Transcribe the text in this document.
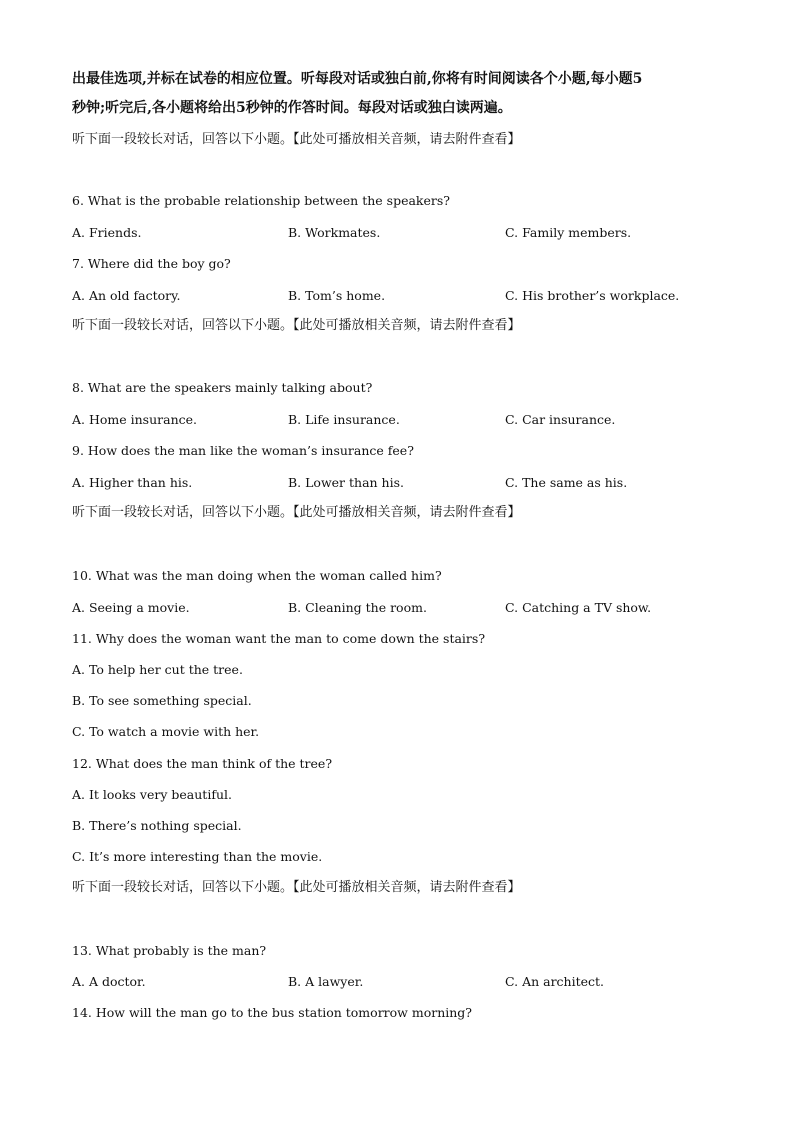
出最佳选项,并标在试卷的相应位置。听每段对话或独白前,你将有时间阅读各个小题,每小题5
秒钟;听完后,各小题将给出5秒钟的作答时间。每段对话或独白读两遍。
听下面一段较长对话，回答以下小题。【此处可播放相关音频，请去附件查看】
6. What is the probable relationship between the speakers?
A. Friends.	B. Workmates.	C. Family members.
7. Where did the boy go?
A. An old factory.	B. Tom’s home.	C. His brother’s workplace.
听下面一段较长对话，回答以下小题。【此处可播放相关音频，请去附件查看】
8. What are the speakers mainly talking about?
A. Home insurance.	B. Life insurance.	C. Car insurance.
9. How does the man like the woman’s insurance fee?
A. Higher than his.	B. Lower than his.	C. The same as his.
听下面一段较长对话，回答以下小题。【此处可播放相关音频，请去附件查看】
10. What was the man doing when the woman called him?
A. Seeing a movie.	B. Cleaning the room.	C. Catching a TV show.
11. Why does the woman want the man to come down the stairs?
A. To help her cut the tree.
B. To see something special.
C. To watch a movie with her.
12. What does the man think of the tree?
A. It looks very beautiful.
B. There’s nothing special.
C. It’s more interesting than the movie.
听下面一段较长对话，回答以下小题。【此处可播放相关音频，请去附件查看】
13. What probably is the man?
A. A doctor.	B. A lawyer.	C. An architect.
14. How will the man go to the bus station tomorrow morning?
